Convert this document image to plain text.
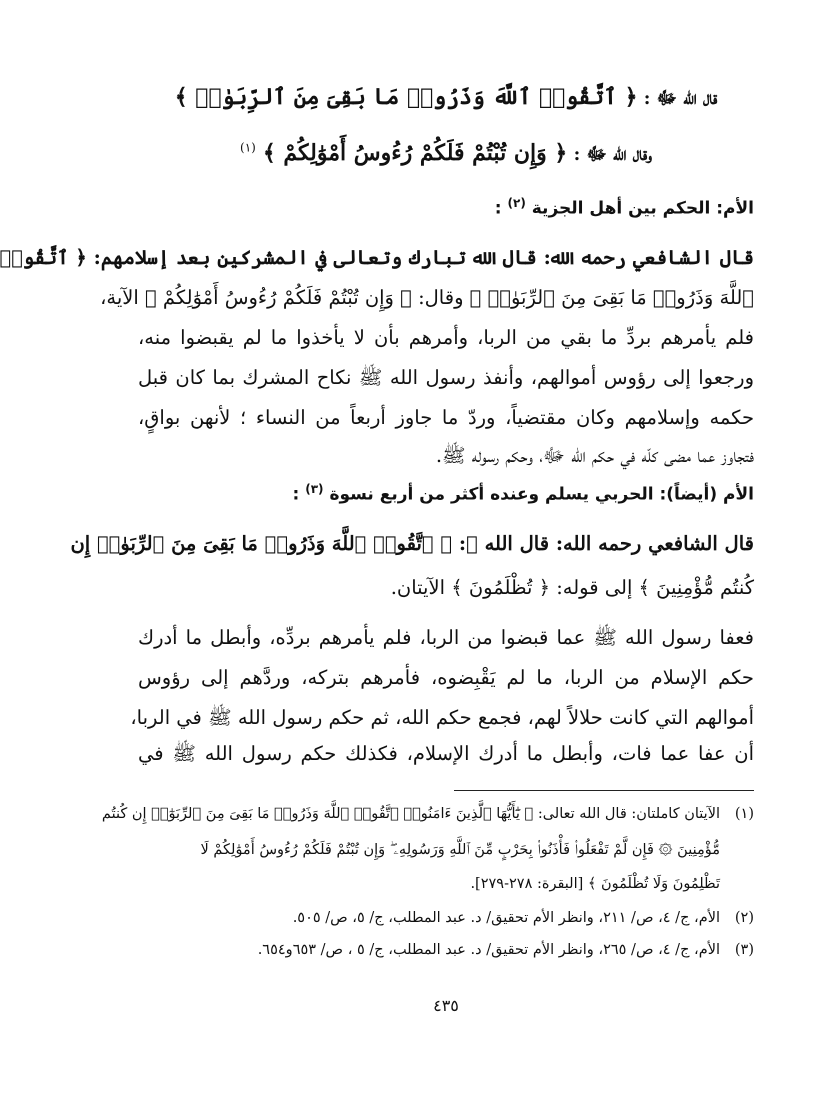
قال الله ﷻ : ﴿ ٱتَّقُوا۟ ٱللَّهَ وَذَرُوا۟ مَا بَقِىَ مِنَ ٱلرِّبَوٰا۟ ﴾
وقال الله ﷻ : ﴿ وَإِن تُبْتُمْ فَلَكُمْ رُءُوسُ أَمْوَٰلِكُمْ ﴾ $^{(١)}$
الأم: الحكم بين أهل الجزية $^{(٢)}$ :
قال الشافعي رحمه الله: قال الله تبارك وتعالى في المشركين بعد إسلامهم: ﴿ ٱتَّقُوا۟
ٱللَّهَ وَذَرُوا۟ مَا بَقِىَ مِنَ ٱلرِّبَوٰا۟ ﴾ وقال: ﴿ وَإِن تُبْتُمْ فَلَكُمْ رُءُوسُ أَمْوَٰلِكُمْ ﴾ الآية،
فلم يأمرهم بردِّ ما بقي من الربا، وأمرهم بأن لا يأخذوا ما لم يقبضوا منه،
ورجعوا إلى رؤوس أموالهم، وأنفذ رسول الله ﷺ نكاح المشرك بما كان قبل
حكمه وإسلامهم وكان مقتضياً، وردّ ما جاوز أربعاً من النساء ؛ لأنهن بواقٍ،
فتجاوز عما مضى كلّه في حكم الله ﷻ، وحكم رسوله ﷺ.
الأم (أيضاً): الحربي يسلم وعنده أكثر من أربع نسوة $^{(٣)}$ :
قال الشافعي رحمه الله: قال الله ﷻ: ﴿ ٱتَّقُوا۟ ٱللَّهَ وَذَرُوا۟ مَا بَقِىَ مِنَ ٱلرِّبَوٰا۟ إِن
كُنتُم مُّؤْمِنِينَ ﴾ إلى قوله: ﴿ تُظْلَمُونَ ﴾ الآيتان.
فعفا رسول الله ﷺ عما قبضوا من الربا، فلم يأمرهم بردِّه، وأبطل ما أدرك
حكم الإسلام من الربا، ما لم يَقْبِضوه، فأمرهم بتركه، وردَّهم إلى رؤوس
أموالهم التي كانت حلالاً لهم، فجمع حكم الله، ثم حكم رسول الله ﷺ في الربا،
أن عفا عما فات، وأبطل ما أدرك الإسلام، فكذلك حكم رسول الله ﷺ في
(١)الآيتان كاملتان: قال الله تعالى: ﴿ يَٰٓأَيُّهَا ٱلَّذِينَ ءَامَنُوا۟ ٱتَّقُوا۟ ٱللَّهَ وَذَرُوا۟ مَا بَقِىَ مِنَ ٱلرِّبَوٰٓا۟ إِن كُنتُم
مُّؤْمِنِينَ ۞ فَإِن لَّمْ تَفْعَلُوا۟ فَأْذَنُوا۟ بِحَرْبٍ مِّنَ ٱللَّهِ وَرَسُولِهِۦ ۖ وَإِن تُبْتُمْ فَلَكُمْ رُءُوسُ أَمْوَٰلِكُمْ لَا
تَظْلِمُونَ وَلَا تُظْلَمُونَ ﴾ [البقرة: ٢٧٨-٢٧٩].
(٢)الأم، ج/ ٤، ص/ ٢١١، وانظر الأم تحقيق/ د. عبد المطلب، ج/ ٥، ص/ ٥٠٥.
(٣)الأم، ج/ ٤، ص/ ٢٦٥، وانظر الأم تحقيق/ د. عبد المطلب، ج/ ٥ ، ص/ ٦٥٣و٦٥٤.
٤٣٥
